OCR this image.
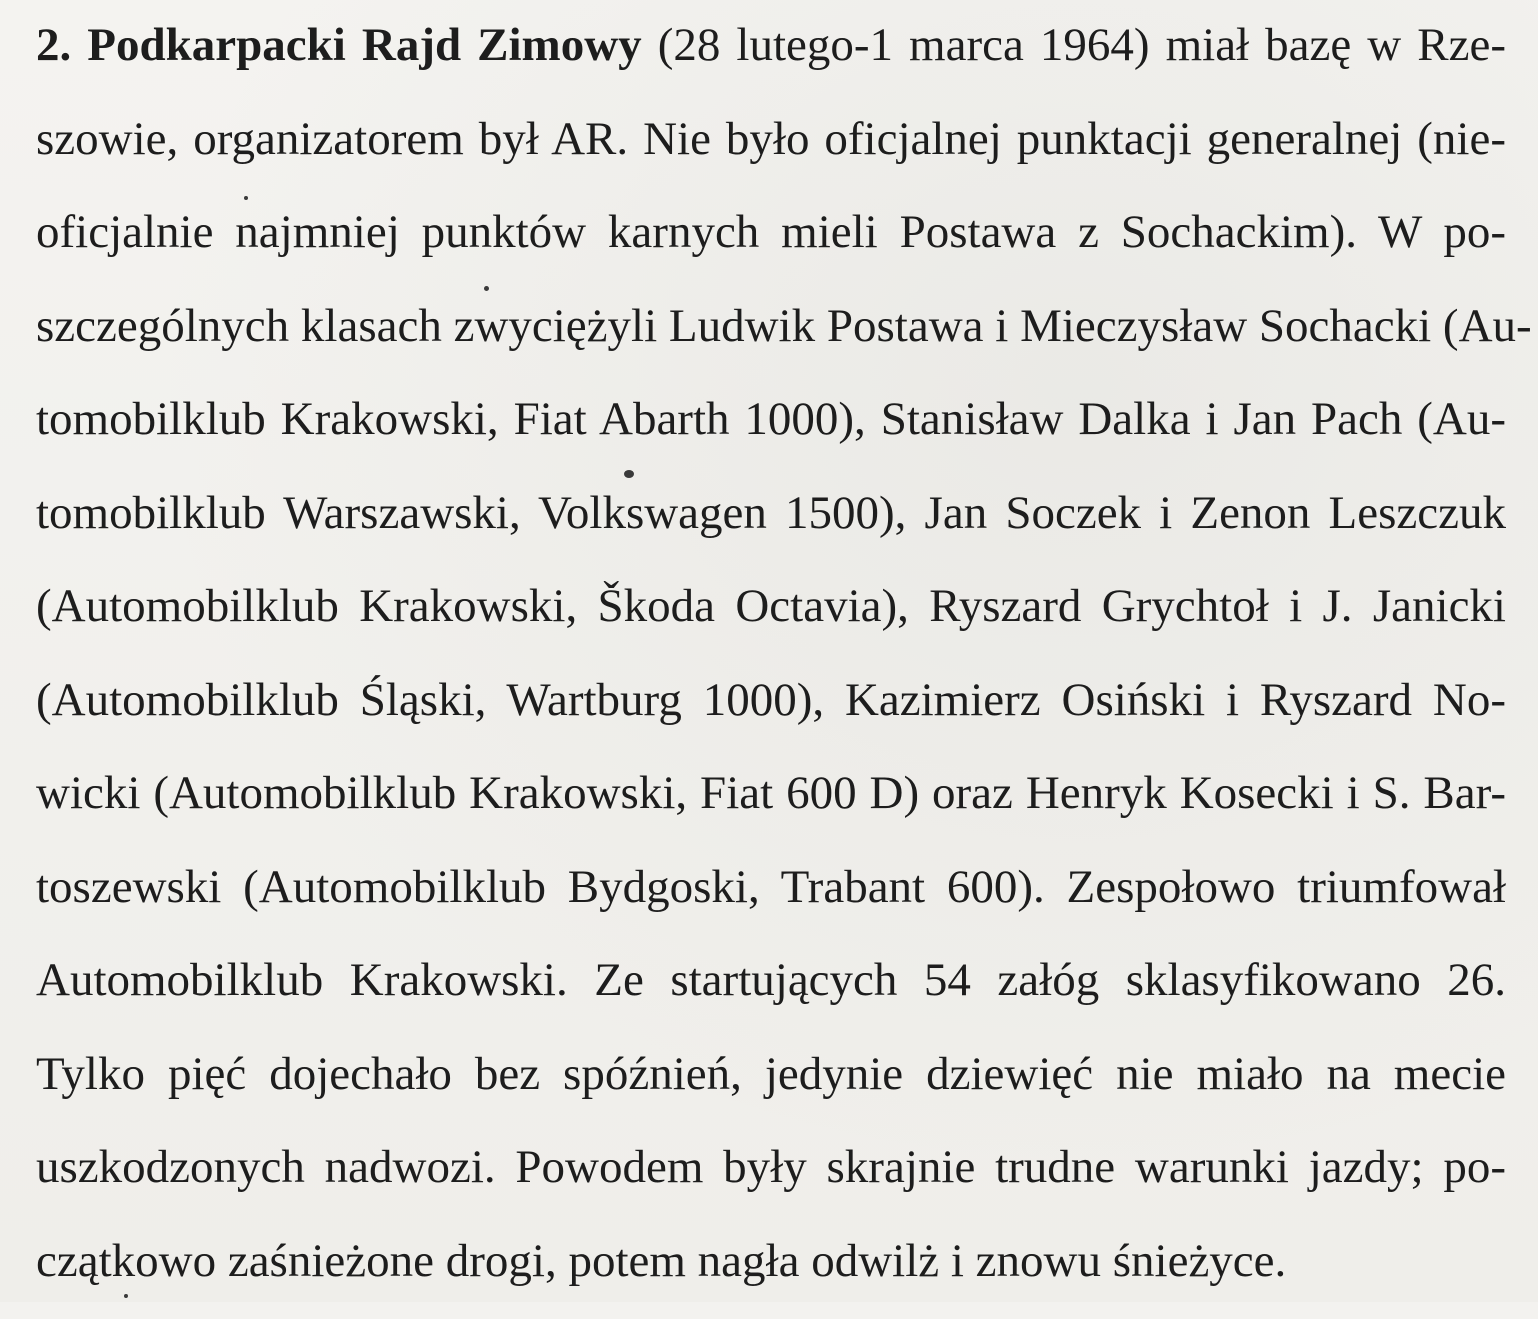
2. Podkarpacki Rajd Zimowy (28 lutego-1 marca 1964) miał bazę w Rze-
szowie, organizatorem był AR. Nie było oficjalnej punktacji generalnej (nie-
oficjalnie najmniej punktów karnych mieli Postawa z Sochackim). W po-
szczególnych klasach zwyciężyli Ludwik Postawa i Mieczysław Sochacki (Au-
tomobilklub Krakowski, Fiat Abarth 1000), Stanisław Dalka i Jan Pach (Au-
tomobilklub Warszawski, Volkswagen 1500), Jan Soczek i Zenon Leszczuk
(Automobilklub Krakowski, Škoda Octavia), Ryszard Grychtoł i J. Janicki
(Automobilklub Śląski, Wartburg 1000), Kazimierz Osiński i Ryszard No-
wicki (Automobilklub Krakowski, Fiat 600 D) oraz Henryk Kosecki i S. Bar-
toszewski (Automobilklub Bydgoski, Trabant 600). Zespołowo triumfował
Automobilklub Krakowski. Ze startujących 54 załóg sklasyfikowano 26.
Tylko pięć dojechało bez spóźnień, jedynie dziewięć nie miało na mecie
uszkodzonych nadwozi. Powodem były skrajnie trudne warunki jazdy; po-
czątkowo zaśnieżone drogi, potem nagła odwilż i znowu śnieżyce.
